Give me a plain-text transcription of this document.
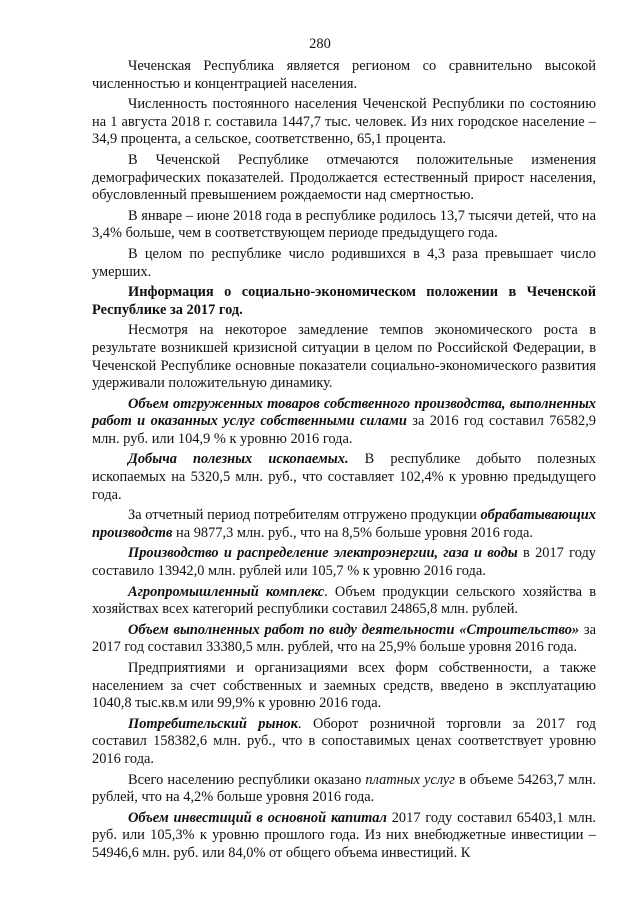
280

Чеченская Республика является регионом со сравнительно высокой численностью и концентрацией населения.

Численность постоянного населения Чеченской Республики по состоянию на 1 августа 2018 г. составила 1447,7 тыс. человек. Из них городское население – 34,9 процента, а сельское, соответственно, 65,1 процента.

В Чеченской Республике отмечаются положительные изменения демографических показателей. Продолжается естественный прирост населения, обусловленный превышением рождаемости над смертностью.

В январе – июне 2018 года в республике родилось 13,7 тысячи детей, что на 3,4% больше, чем в соответствующем периоде предыдущего года.

В целом по республике число родившихся в 4,3 раза превышает число умерших.

Информация о социально-экономическом положении в Чеченской Республике за 2017 год.

Несмотря на некоторое замедление темпов экономического роста в результате возникшей кризисной ситуации в целом по Российской Федерации, в Чеченской Республике основные показатели социально-экономического развития удерживали положительную динамику.

Объем отгруженных товаров собственного производства, выполненных работ и оказанных услуг собственными силами за 2016 год составил 76582,9 млн. руб. или 104,9 % к уровню 2016 года.

Добыча полезных ископаемых. В республике добыто полезных ископаемых на 5320,5 млн. руб., что составляет 102,4% к уровню предыдущего года.

За отчетный период потребителям отгружено продукции обрабатывающих производств на 9877,3 млн. руб., что на 8,5% больше уровня 2016 года.

Производство и распределение электроэнергии, газа и воды в 2017 году составило 13942,0 млн. рублей или 105,7 % к уровню 2016 года.

Агропромышленный комплекс. Объем продукции сельского хозяйства в хозяйствах всех категорий республики составил 24865,8 млн. рублей.

Объем выполненных работ по виду деятельности «Строительство» за 2017 год составил 33380,5 млн. рублей, что на 25,9% больше уровня 2016 года.

Предприятиями и организациями всех форм собственности, а также населением за счет собственных и заемных средств, введено в эксплуатацию 1040,8 тыс.кв.м или 99,9% к уровню 2016 года.

Потребительский рынок. Оборот розничной торговли за 2017 год составил 158382,6 млн. руб., что в сопоставимых ценах соответствует уровню 2016 года.

Всего населению республики оказано платных услуг в объеме 54263,7 млн. рублей, что на 4,2% больше уровня 2016 года.

Объем инвестиций в основной капитал 2017 году составил 65403,1 млн. руб. или 105,3% к уровню прошлого года. Из них внебюджетные инвестиции – 54946,6 млн. руб. или 84,0% от общего объема инвестиций. К
